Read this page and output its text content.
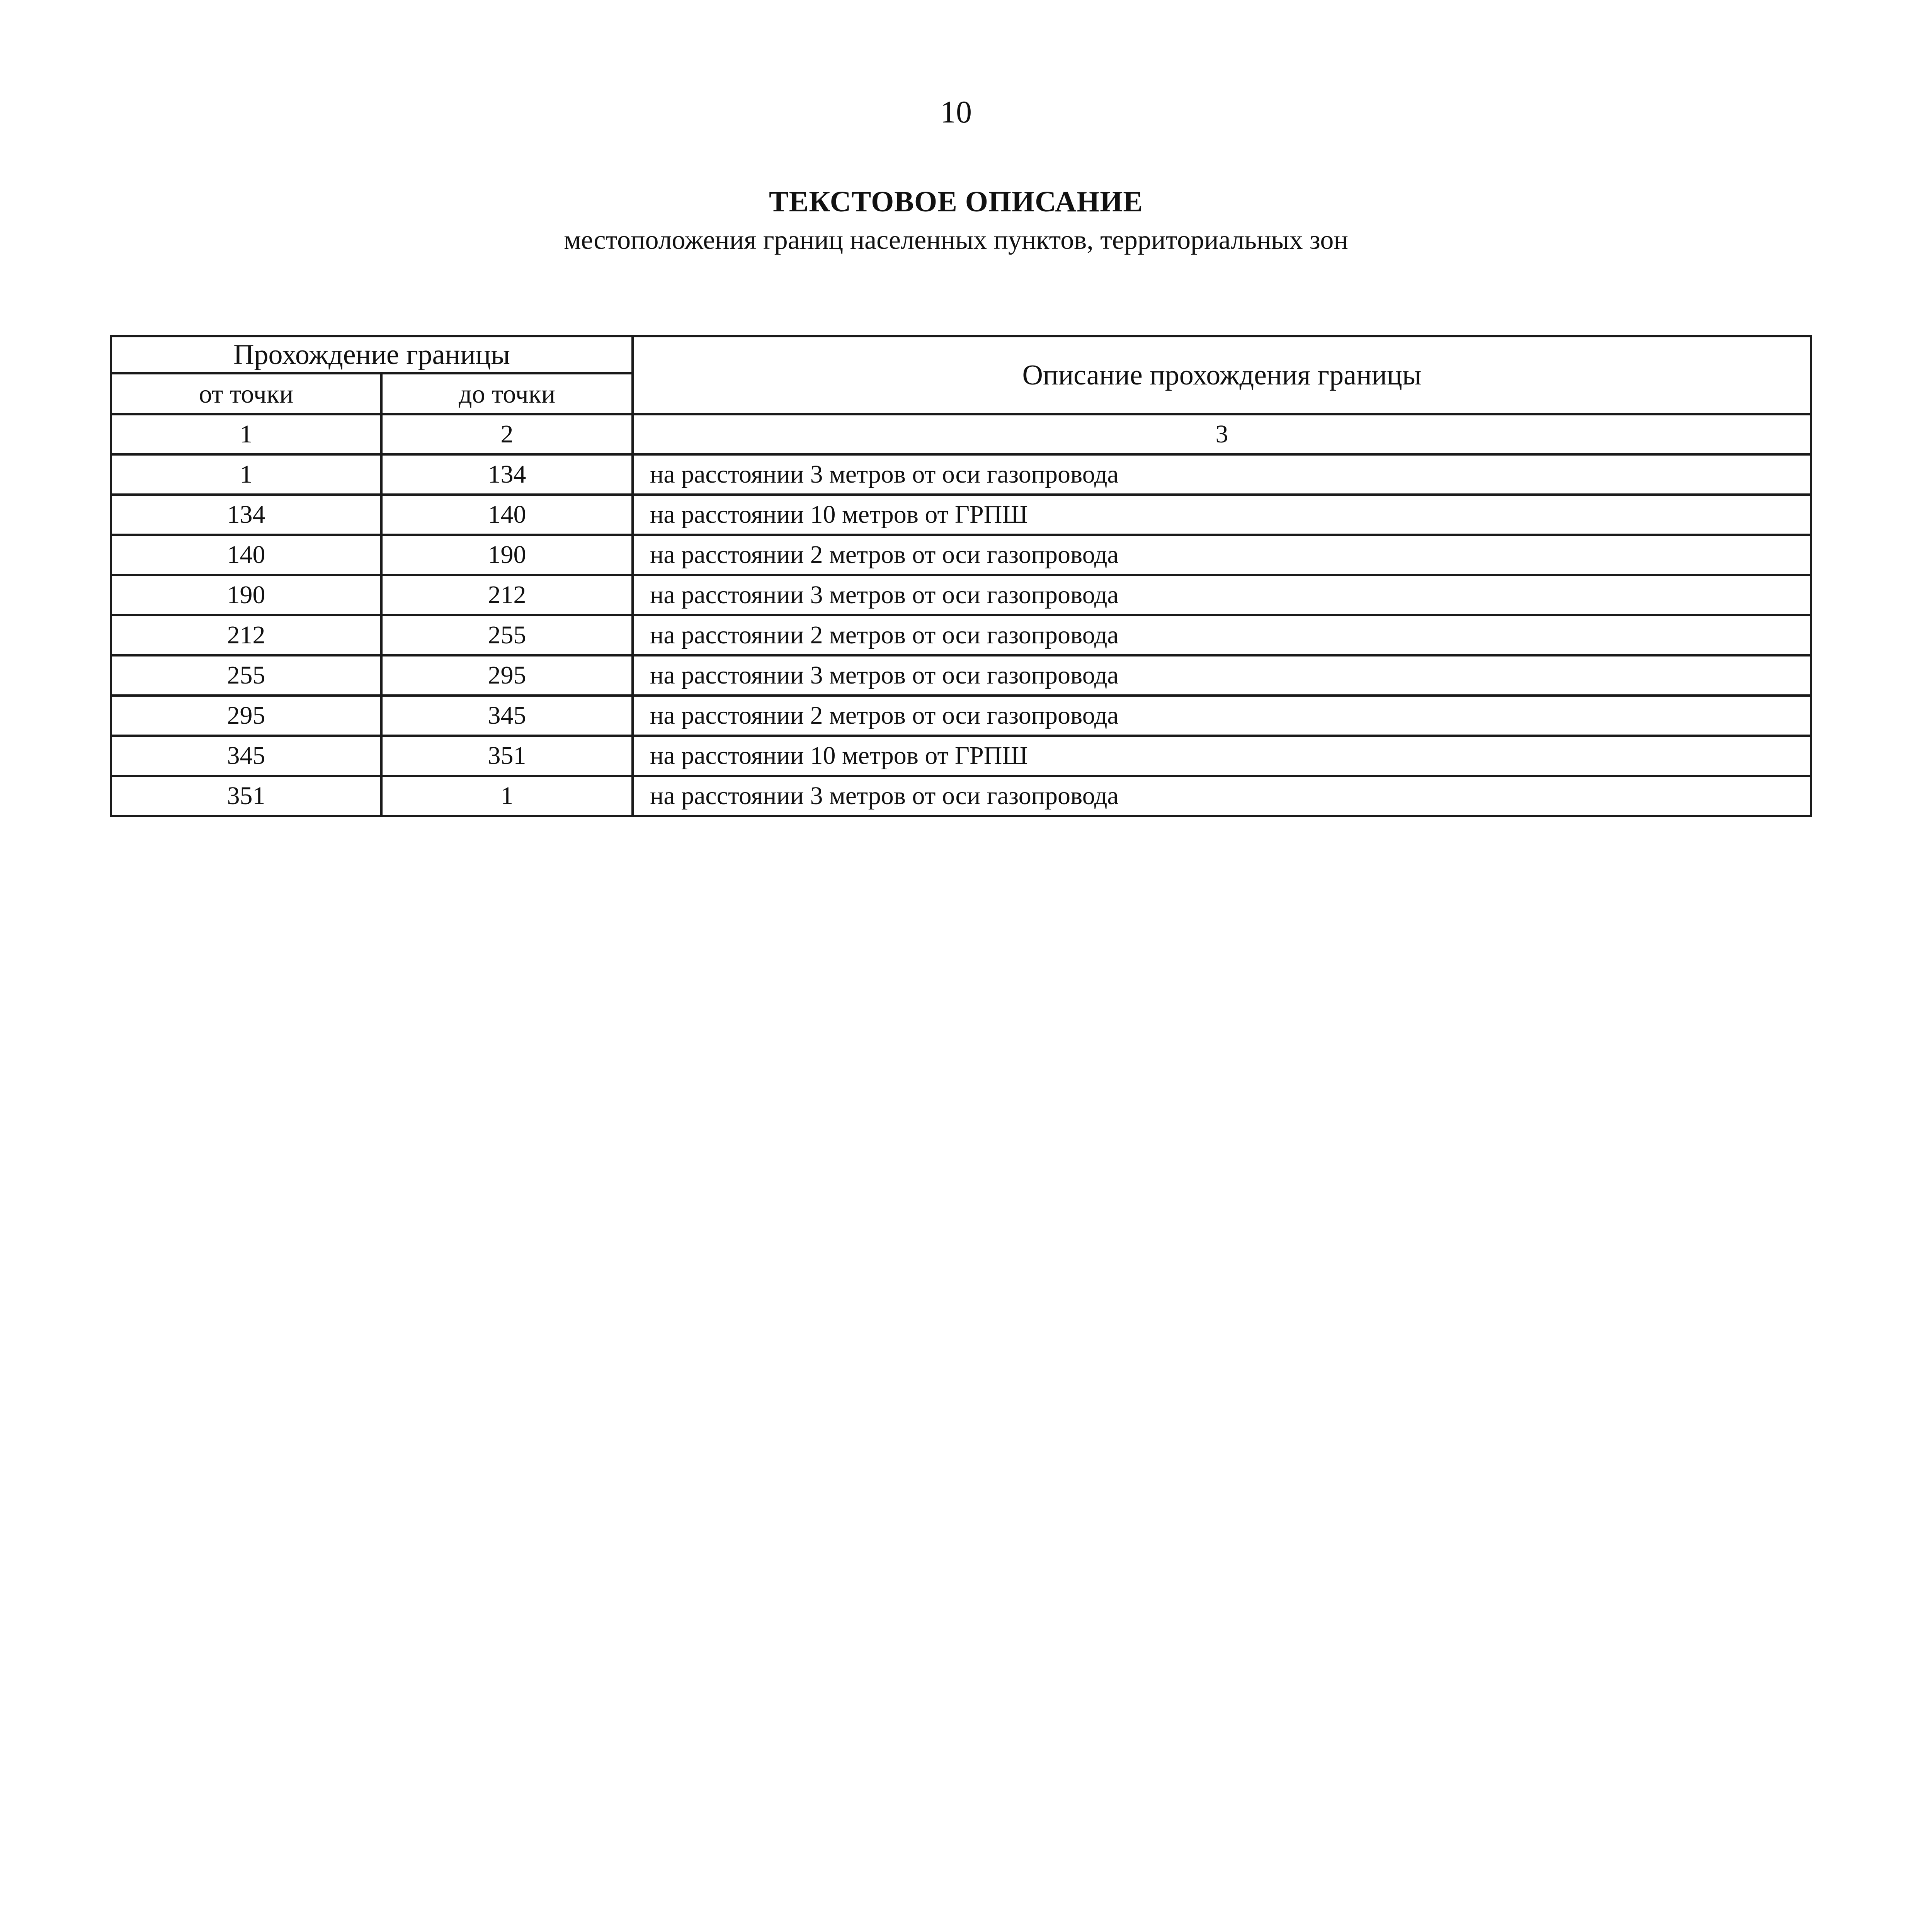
10
ТЕКСТОВОЕ ОПИСАНИЕ
местоположения границ населенных пунктов, территориальных зон
Прохождение границы		Описание прохождения границы
от точки	до точки	
1	2	3
1	134	на расстоянии 3 метров от оси газопровода
134	140	на расстоянии 10 метров от ГРПШ
140	190	на расстоянии 2 метров от оси газопровода
190	212	на расстоянии 3 метров от оси газопровода
212	255	на расстоянии 2 метров от оси газопровода
255	295	на расстоянии 3 метров от оси газопровода
295	345	на расстоянии 2 метров от оси газопровода
345	351	на расстоянии 10 метров от ГРПШ
351	1	на расстоянии 3 метров от оси газопровода
